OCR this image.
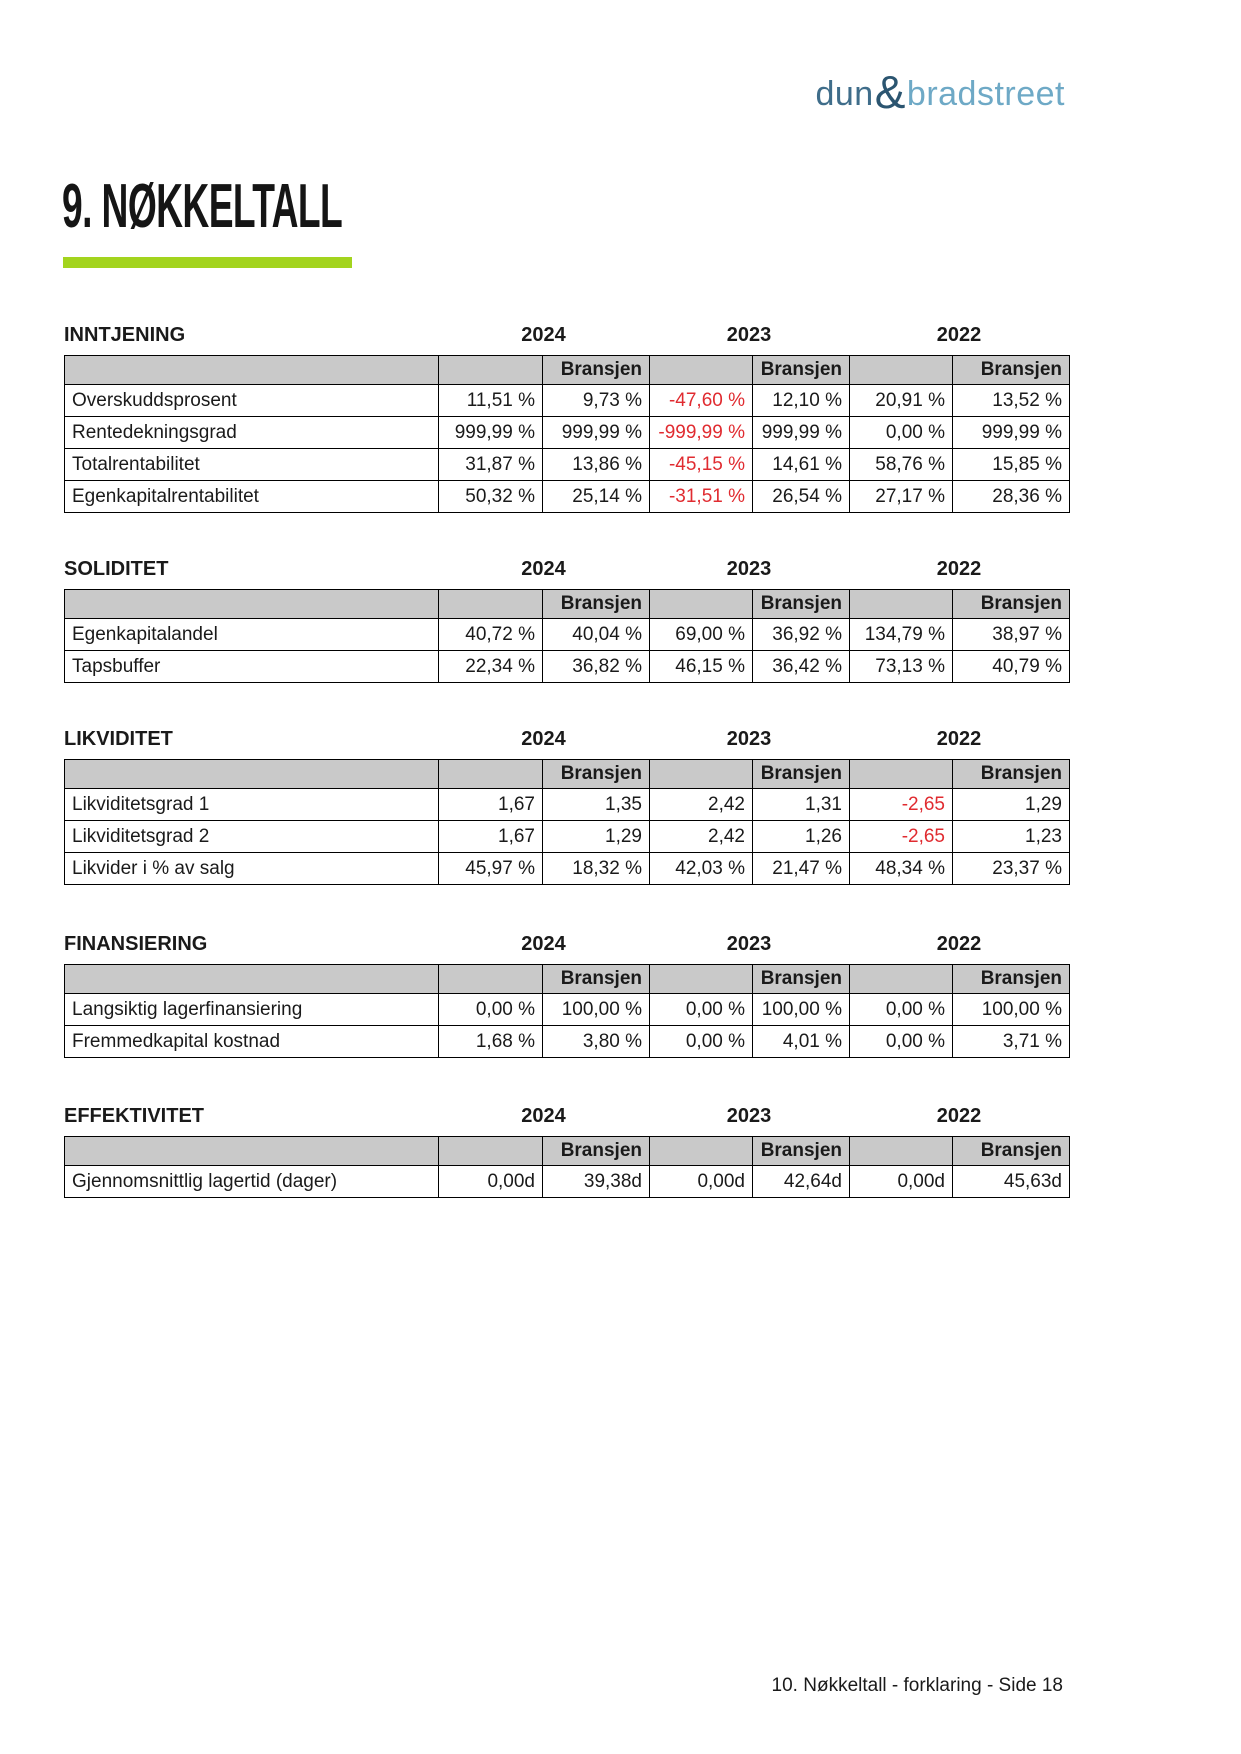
dun&bradstreet
9. NØKKELTALL
INNTJENING	2024	2023	2022
		Bransjen		Bransjen		Bransjen
Overskuddsprosent	11,51 %	9,73 %	-47,60 %	12,10 %	20,91 %	13,52 %
Rentedekningsgrad	999,99 %	999,99 %	-999,99 %	999,99 %	0,00 %	999,99 %
Totalrentabilitet	31,87 %	13,86 %	-45,15 %	14,61 %	58,76 %	15,85 %
Egenkapitalrentabilitet	50,32 %	25,14 %	-31,51 %	26,54 %	27,17 %	28,36 %
SOLIDITET	2024	2023	2022
		Bransjen		Bransjen		Bransjen
Egenkapitalandel	40,72 %	40,04 %	69,00 %	36,92 %	134,79 %	38,97 %
Tapsbuffer	22,34 %	36,82 %	46,15 %	36,42 %	73,13 %	40,79 %
LIKVIDITET	2024	2023	2022
		Bransjen		Bransjen		Bransjen
Likviditetsgrad 1	1,67	1,35	2,42	1,31	-2,65	1,29
Likviditetsgrad 2	1,67	1,29	2,42	1,26	-2,65	1,23
Likvider i % av salg	45,97 %	18,32 %	42,03 %	21,47 %	48,34 %	23,37 %
FINANSIERING	2024	2023	2022
		Bransjen		Bransjen		Bransjen
Langsiktig lagerfinansiering	0,00 %	100,00 %	0,00 %	100,00 %	0,00 %	100,00 %
Fremmedkapital kostnad	1,68 %	3,80 %	0,00 %	4,01 %	0,00 %	3,71 %
EFFEKTIVITET	2024	2023	2022
		Bransjen		Bransjen		Bransjen
Gjennomsnittlig lagertid (dager)	0,00d	39,38d	0,00d	42,64d	0,00d	45,63d
10. Nøkkeltall - forklaring - Side 18
